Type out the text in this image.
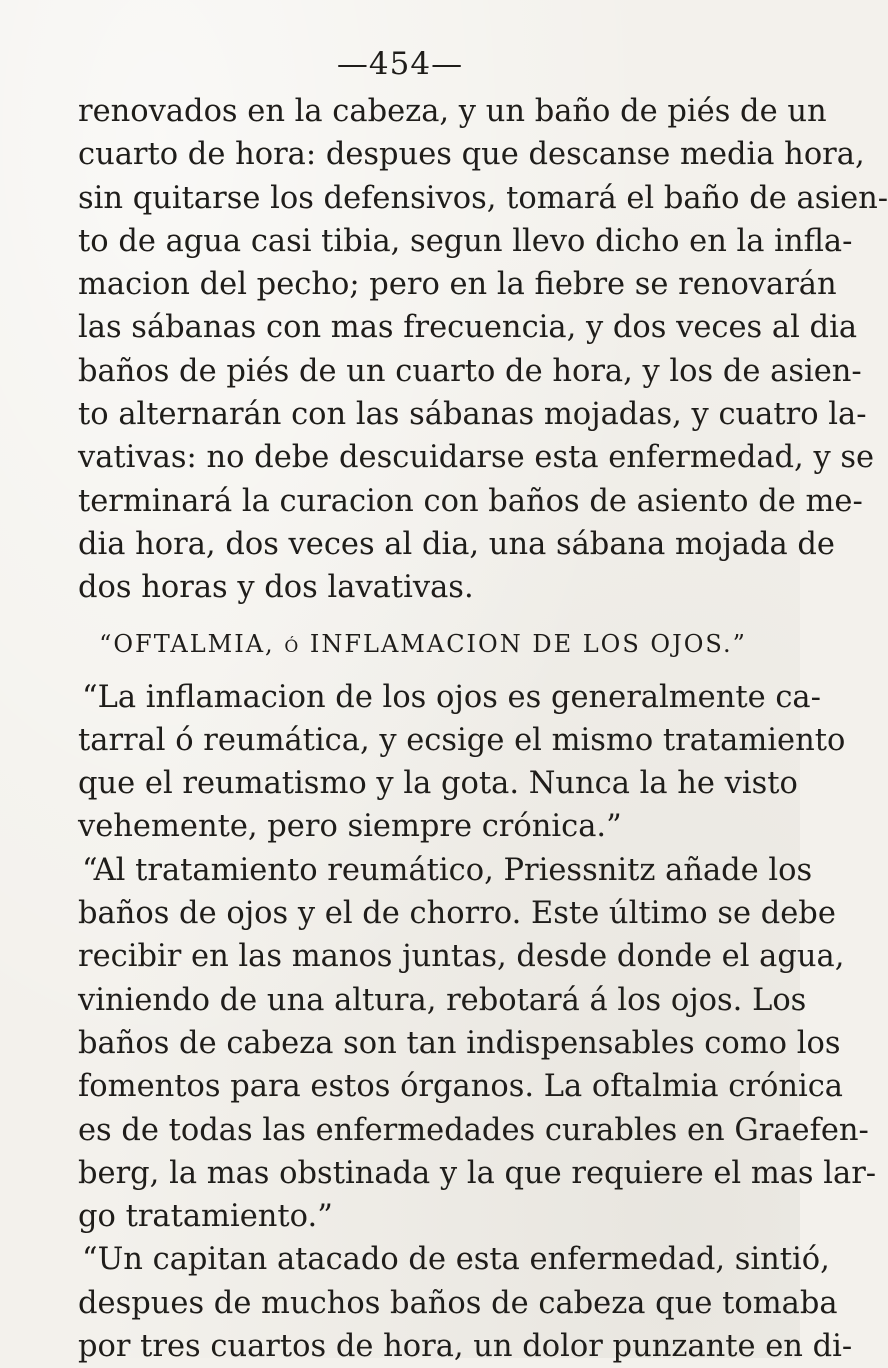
—454—
renovados en la cabeza, y un baño de piés de un
cuarto de hora: despues que descanse media hora,
sin quitarse los defensivos, tomará el baño de asien-
to de agua casi tibia, segun llevo dicho en la infla-
macion del pecho; pero en la fiebre se renovarán
las sábanas con mas frecuencia, y dos veces al dia
baños de piés de un cuarto de hora, y los de asien-
to alternarán con las sábanas mojadas, y cuatro la-
vativas: no debe descuidarse esta enfermedad, y se
terminará la curacion con baños de asiento de me-
dia hora, dos veces al dia, una sábana mojada de
dos horas y dos lavativas.
“OFTALMIA, ó INFLAMACION DE LOS OJOS.”
“La inflamacion de los ojos es generalmente ca-
tarral ó reumática, y ecsige el mismo tratamiento
que el reumatismo y la gota. Nunca la he visto
vehemente, pero siempre crónica.”
“Al tratamiento reumático, Priessnitz añade los
baños de ojos y el de chorro. Este último se debe
recibir en las manos juntas, desde donde el agua,
viniendo de una altura, rebotará á los ojos. Los
baños de cabeza son tan indispensables como los
fomentos para estos órganos. La oftalmia crónica
es de todas las enfermedades curables en Graefen-
berg, la mas obstinada y la que requiere el mas lar-
go tratamiento.”
“Un capitan atacado de esta enfermedad, sintió,
despues de muchos baños de cabeza que tomaba
por tres cuartos de hora, un dolor punzante en di-
